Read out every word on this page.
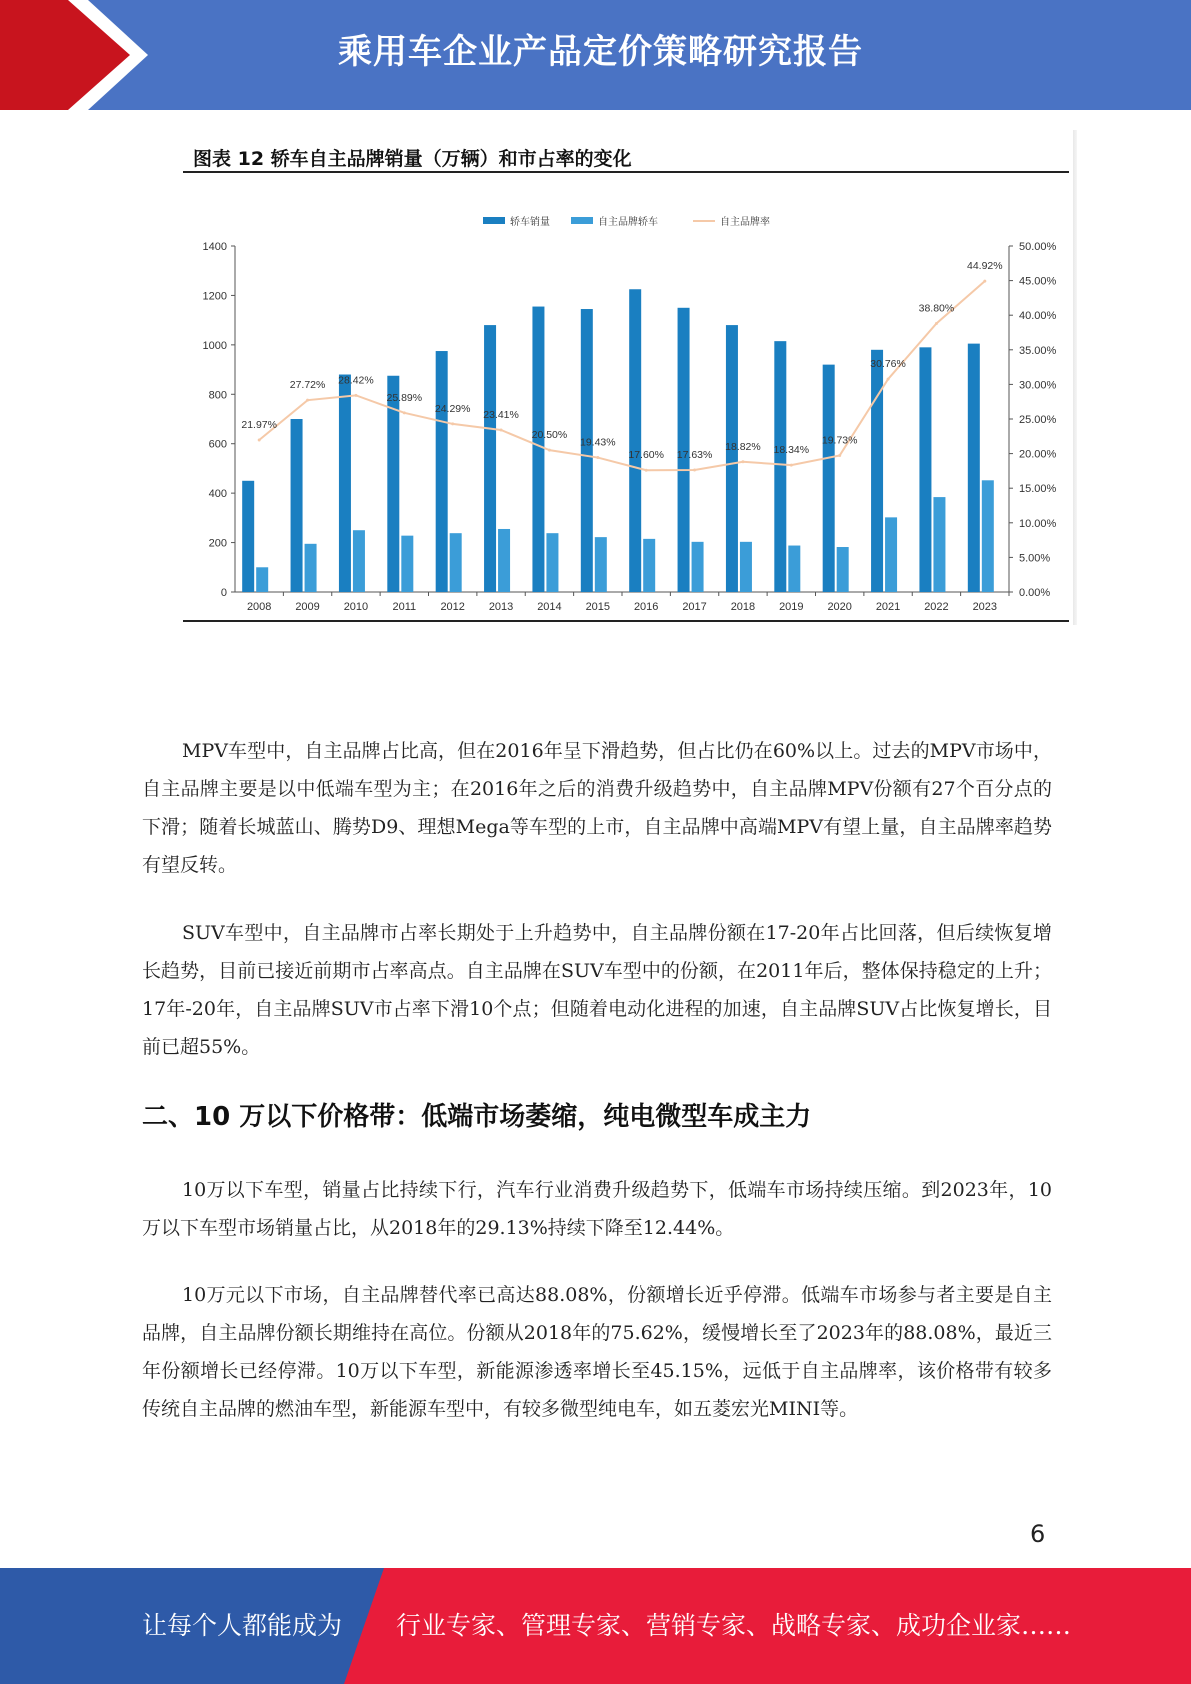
乘用车企业产品定价策略研究报告
图表 12 轿车自主品牌销量（万辆）和市占率的变化
轿车销量	自主品牌轿车	自主品牌率
0
200
400
600
800
1000
1200
1400
0.00%
5.00%
10.00%
15.00%
20.00%
25.00%
30.00%
35.00%
40.00%
45.00%
50.00%
2008 2009 2010 2011 2012 2013 2014 2015 2016 2017 2018 2019 2020 2021 2022 2023
21.97%
27.72% 28.42%
25.89%
24.29%
23.41%
20.50%
19.43%
17.60% 17.63%
18.82% 18.34%
19.73%
30.76%
38.80%
44.92%

MPV车型中，自主品牌占比高，但在2016年呈下滑趋势，但占比仍在60%以上。过去的MPV市场中，自主品牌主要是以中低端车型为主；在2016年之后的消费升级趋势中，自主品牌MPV份额有27个百分点的下滑；随着长城蓝山、腾势D9、理想Mega等车型的上市，自主品牌中高端MPV有望上量，自主品牌率趋势有望反转。

SUV车型中，自主品牌市占率长期处于上升趋势中，自主品牌份额在17-20年占比回落，但后续恢复增长趋势，目前已接近前期市占率高点。自主品牌在SUV车型中的份额，在2011年后，整体保持稳定的上升；17年-20年，自主品牌SUV市占率下滑10个点；但随着电动化进程的加速，自主品牌SUV占比恢复增长，目前已超55%。

二、10 万以下价格带：低端市场萎缩，纯电微型车成主力

10万以下车型，销量占比持续下行，汽车行业消费升级趋势下，低端车市场持续压缩。到2023年，10万以下车型市场销量占比，从2018年的29.13%持续下降至12.44%。

10万元以下市场，自主品牌替代率已高达88.08%，份额增长近乎停滞。低端车市场参与者主要是自主品牌，自主品牌份额长期维持在高位。份额从2018年的75.62%，缓慢增长至了2023年的88.08%，最近三年份额增长已经停滞。10万以下车型，新能源渗透率增长至45.15%，远低于自主品牌率，该价格带有较多传统自主品牌的燃油车型，新能源车型中，有较多微型纯电车，如五菱宏光MINI等。

6
让每个人都能成为 行业专家、管理专家、营销专家、战略专家、成功企业家……
